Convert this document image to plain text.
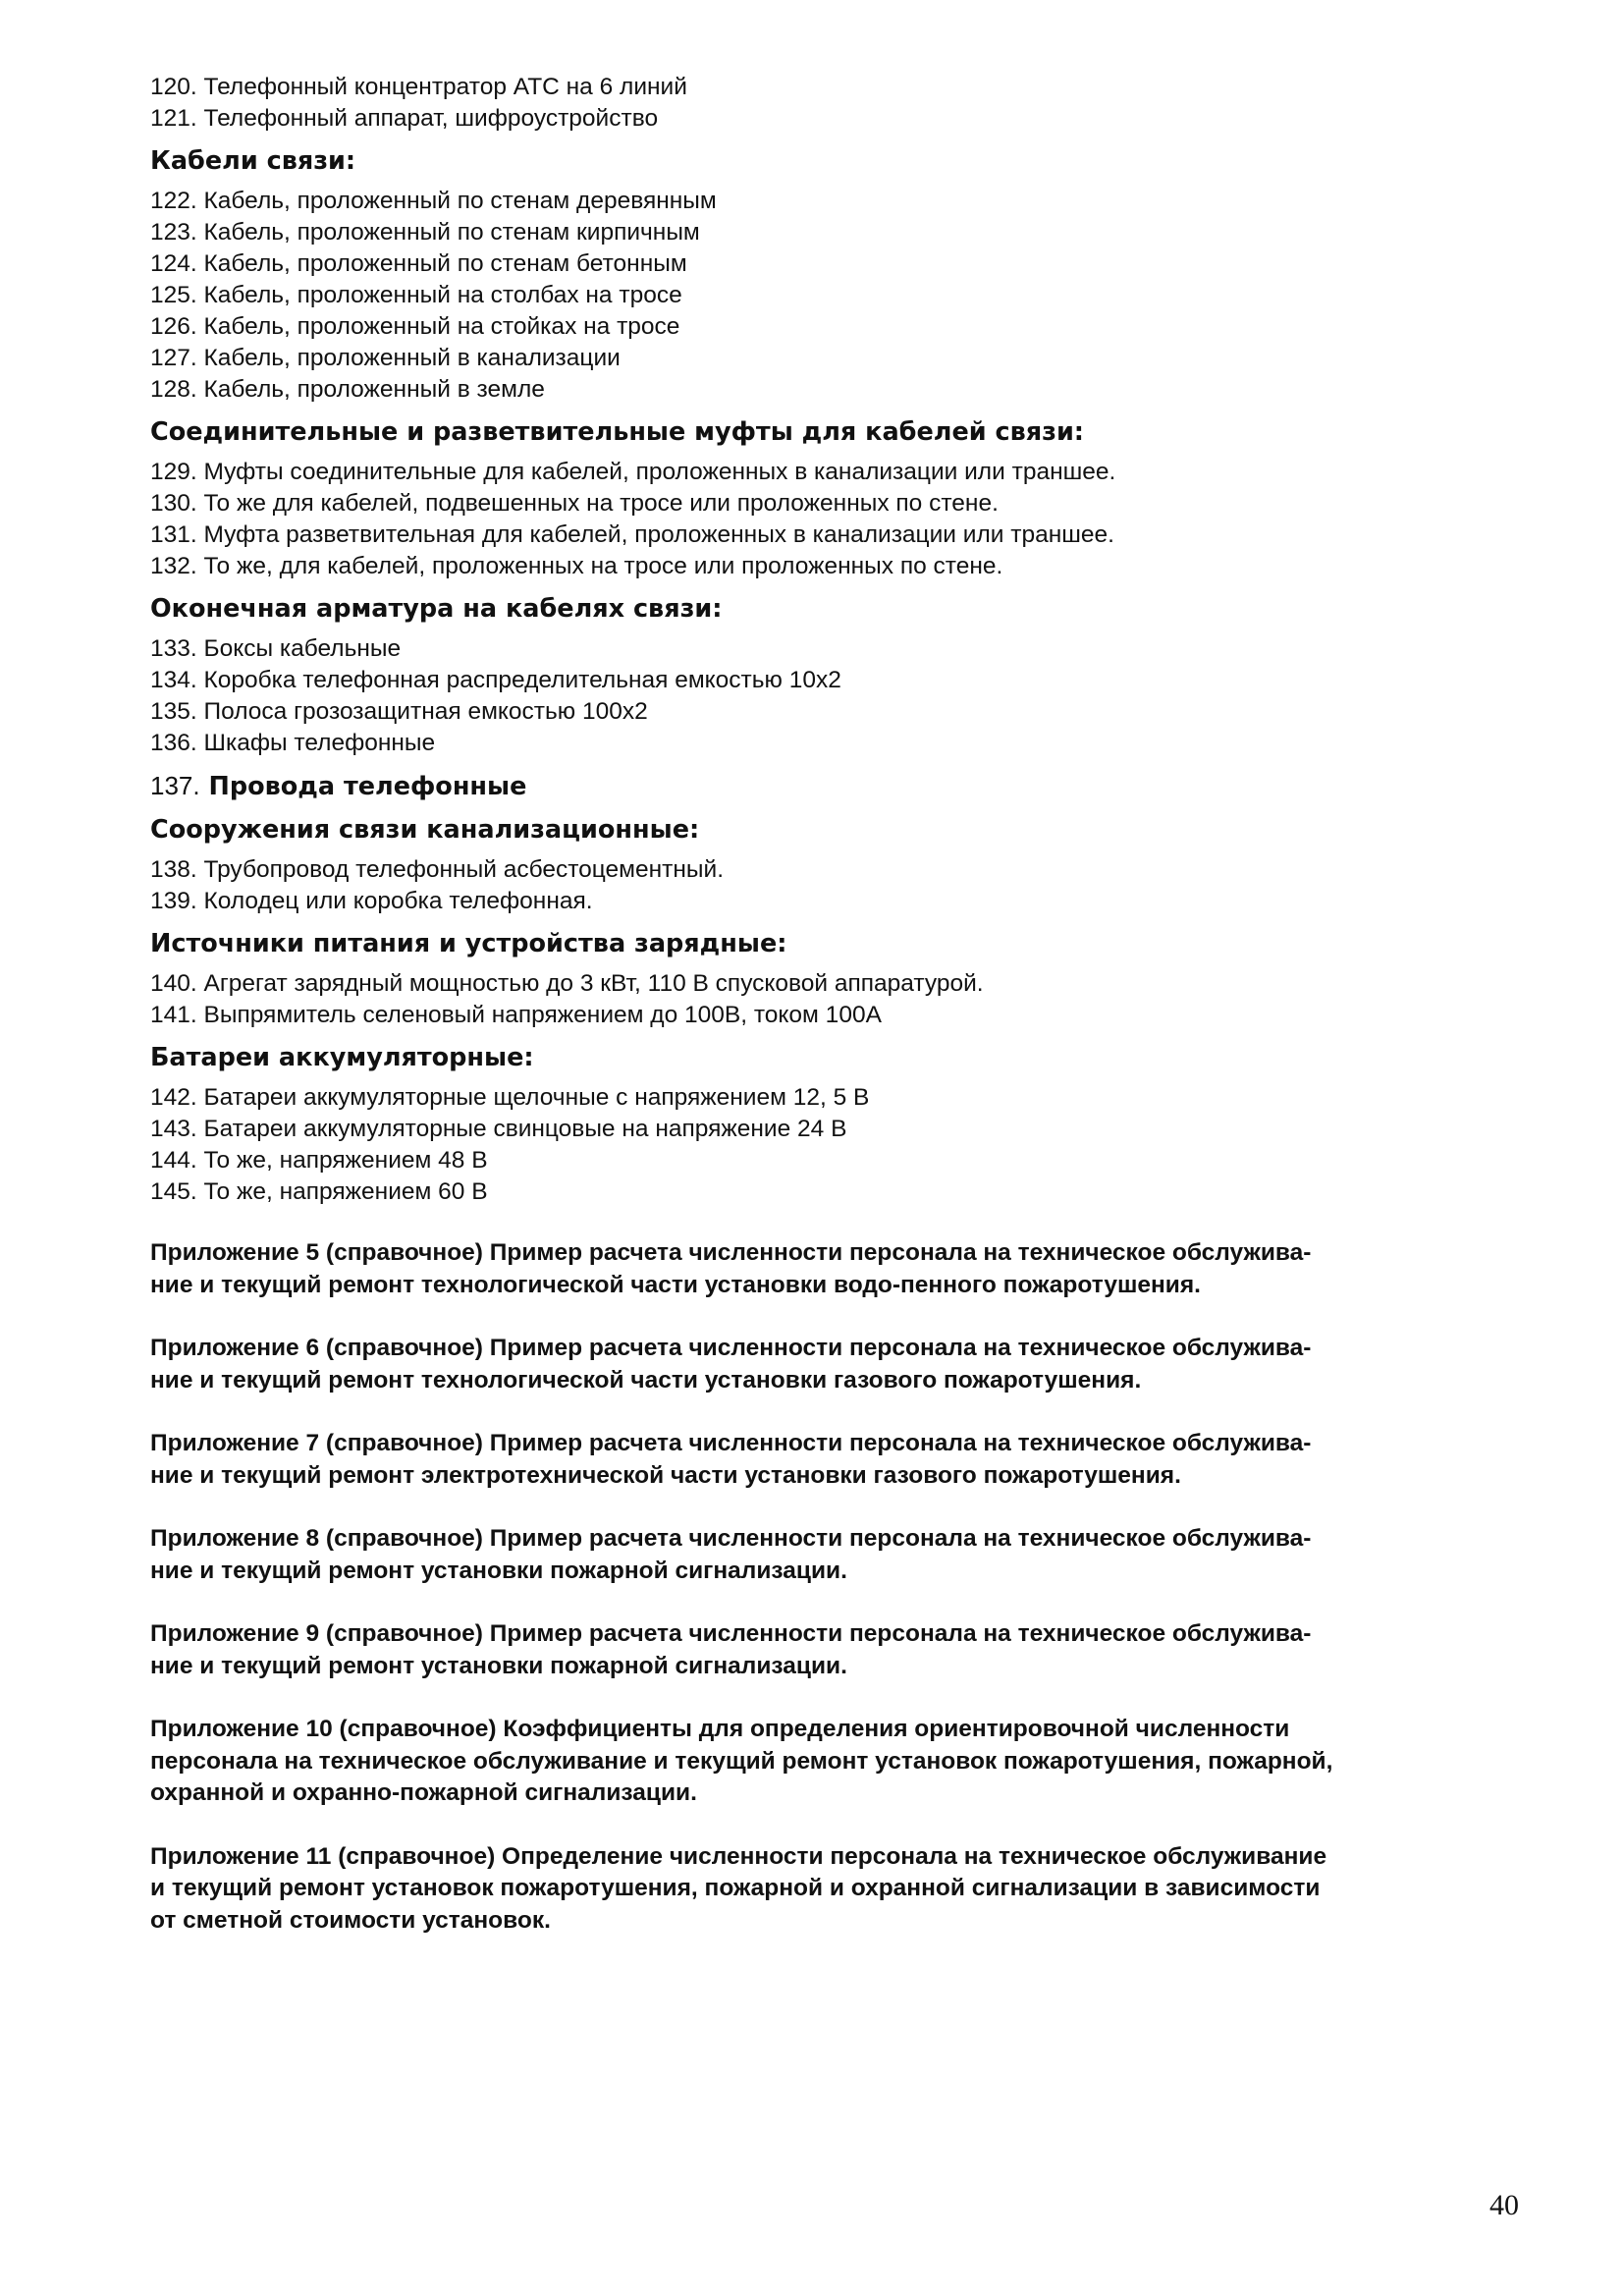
120. Телефонный концентратор АТС на 6 линий
121. Телефонный аппарат, шифроустройство
Кабели связи:
122. Кабель, проложенный по стенам деревянным
123. Кабель, проложенный по стенам кирпичным
124. Кабель, проложенный по стенам бетонным
125. Кабель, проложенный на столбах на тросе
126. Кабель, проложенный на стойках на тросе
127. Кабель, проложенный в канализации
128. Кабель, проложенный в земле
Соединительные и разветвительные муфты для кабелей связи:
129. Муфты соединительные для кабелей, проложенных в канализации или траншее.
130. То же для кабелей, подвешенных на тросе или проложенных по стене.
131. Муфта разветвительная для кабелей, проложенных в канализации или траншее.
132. То же, для кабелей, проложенных на тросе или проложенных по стене.
Оконечная арматура на кабелях связи:
133. Боксы кабельные
134. Коробка телефонная распределительная емкостью 10х2
135. Полоса грозозащитная емкостью 100х2
136. Шкафы телефонные
137. Провода телефонные
Сооружения связи канализационные:
138. Трубопровод телефонный асбестоцементный.
139. Колодец или коробка телефонная.
Источники питания и устройства зарядные:
140. Агрегат зарядный мощностью до 3 кВт, 110 В спусковой аппаратурой.
141. Выпрямитель селеновый напряжением до 100В, током 100А
Батареи аккумуляторные:
142. Батареи аккумуляторные щелочные с напряжением 12, 5 В
143. Батареи аккумуляторные свинцовые на напряжение 24 В
144. То же, напряжением 48 В
145. То же, напряжением 60 В
Приложение 5 (справочное) Пример расчета численности персонала на техническое обслужива-
ние и текущий ремонт технологической части установки водо-пенного пожаротушения.
Приложение 6 (справочное) Пример расчета численности персонала на техническое обслужива-
ние и текущий ремонт технологической части установки газового пожаротушения.
Приложение 7 (справочное) Пример расчета численности персонала на техническое обслужива-
ние и текущий ремонт электротехнической части установки газового пожаротушения.
Приложение 8 (справочное) Пример расчета численности персонала на техническое обслужива-
ние и текущий ремонт установки пожарной сигнализации.
Приложение 9 (справочное) Пример расчета численности персонала на техническое обслужива-
ние и текущий ремонт установки пожарной сигнализации.
Приложение 10 (справочное) Коэффициенты для определения ориентировочной численности
персонала на техническое обслуживание и текущий ремонт установок пожаротушения, пожарной,
охранной и охранно-пожарной сигнализации.
Приложение 11 (справочное) Определение численности персонала на техническое обслуживание
и текущий ремонт установок пожаротушения, пожарной и охранной сигнализации в зависимости
от сметной стоимости установок.
40
